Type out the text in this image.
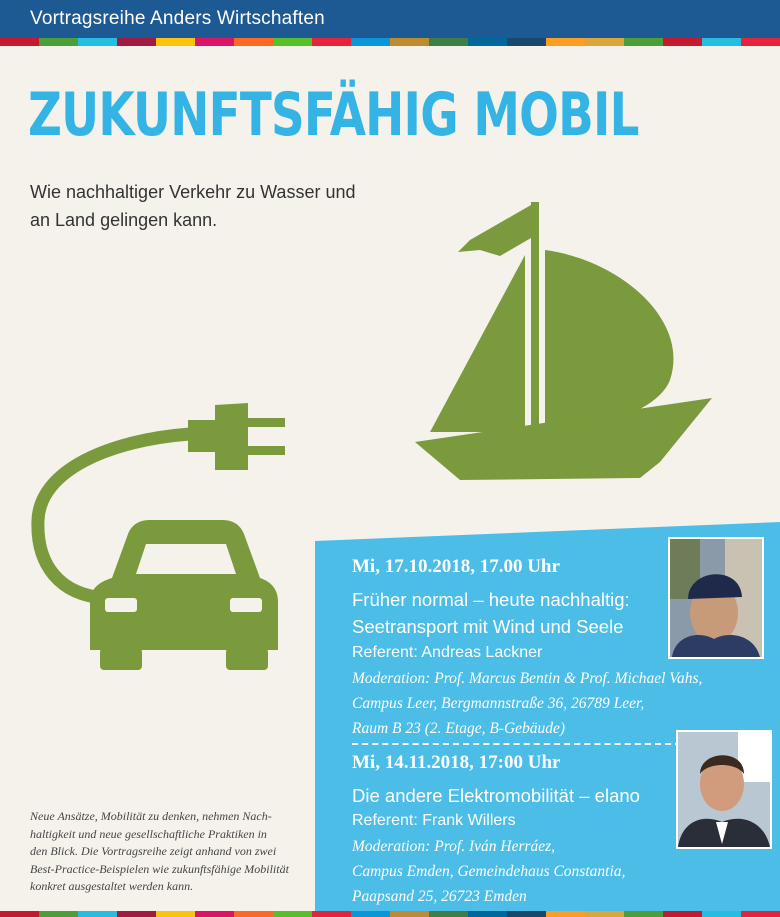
Vortragsreihe Anders Wirtschaften
ZUKUNFTSFÄHIG MOBIL
Wie nachhaltiger Verkehr zu Wasser und
an Land gelingen kann.
Mi, 17.10.2018, 17.00 Uhr
Früher normal – heute nachhaltig:
Seetransport mit Wind und Seele
Referent: Andreas Lackner
Moderation: Prof. Marcus Bentin & Prof. Michael Vahs,
Campus Leer, Bergmannstraße 36, 26789 Leer,
Raum B 23 (2. Etage, B-Gebäude)
Mi, 14.11.2018, 17:00 Uhr
Die andere Elektromobilität – elano
Referent: Frank Willers
Moderation: Prof. Iván Herráez,
Campus Emden, Gemeindehaus Constantia,
Paapsand 25, 26723 Emden
Neue Ansätze, Mobilität zu denken, nehmen Nach-
haltigkeit und neue gesellschaftliche Praktiken in
den Blick. Die Vortragsreihe zeigt anhand von zwei
Best-Practice-Beispielen wie zukunftsfähige Mobilität
konkret ausgestaltet werden kann.
